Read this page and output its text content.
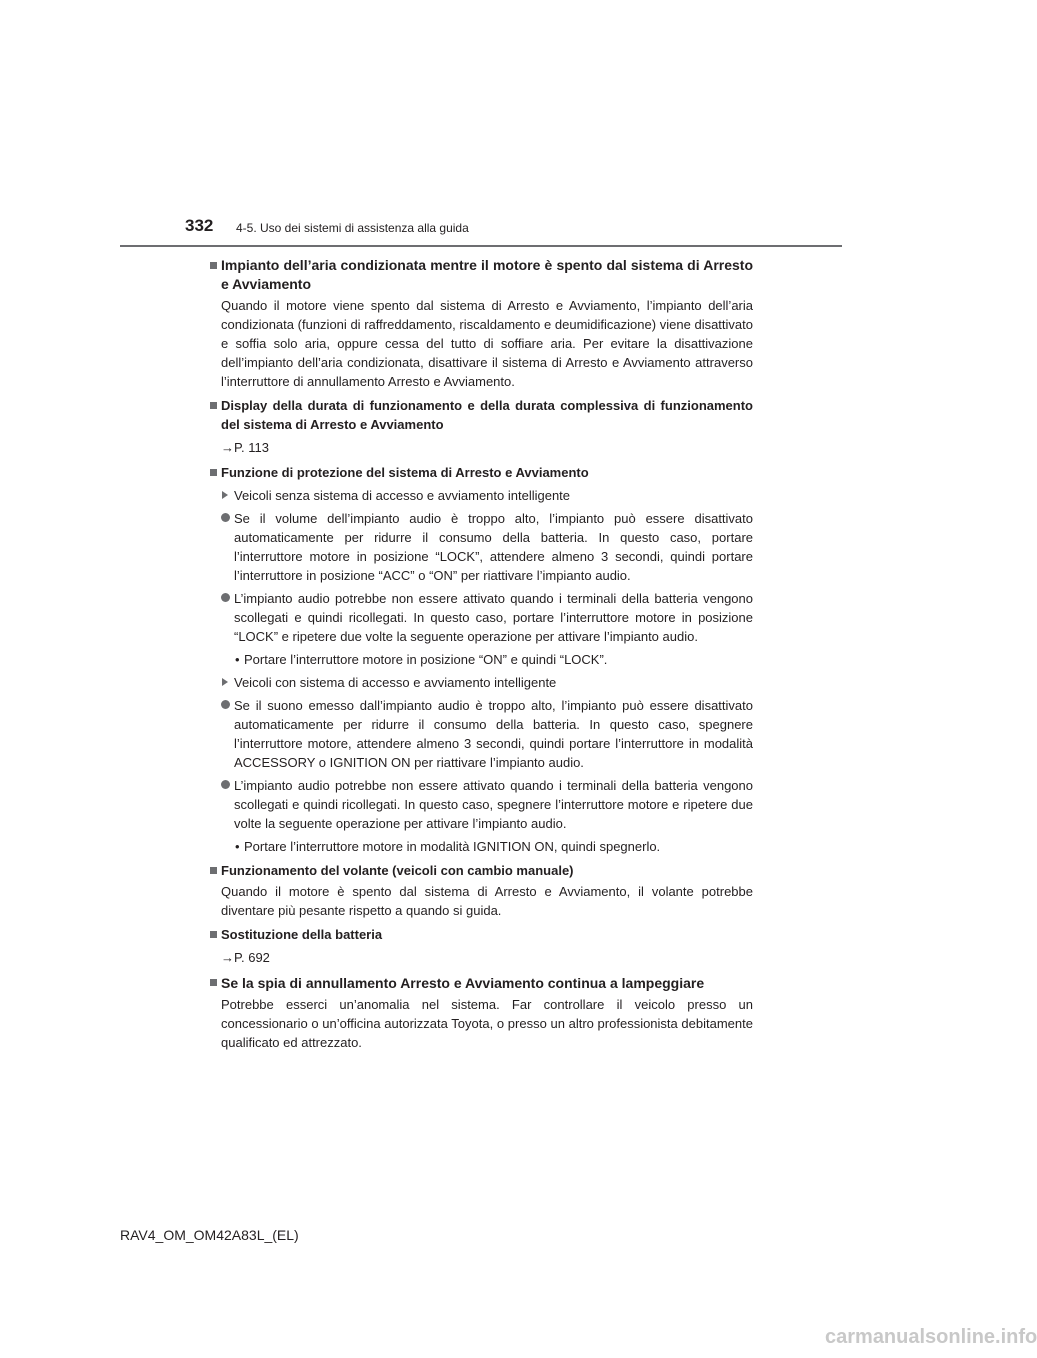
332 4-5. Uso dei sistemi di assistenza alla guida
Impianto dell’aria condizionata mentre il motore è spento dal sistema di Arresto e Avviamento

Quando il motore viene spento dal sistema di Arresto e Avviamento, l’impianto dell’aria condizionata (funzioni di raffreddamento, riscaldamento e deumidificazione) viene disattivato e soffia solo aria, oppure cessa del tutto di soffiare aria. Per evitare la disattivazione dell’impianto dell’aria condizionata, disattivare il sistema di Arresto e Avviamento attraverso l’interruttore di annullamento Arresto e Avviamento.

Display della durata di funzionamento e della durata complessiva di funzionamento del sistema di Arresto e Avviamento
→P. 113
Funzione di protezione del sistema di Arresto e Avviamento
Veicoli senza sistema di accesso e avviamento intelligente
Se il volume dell’impianto audio è troppo alto, l’impianto può essere disattivato automaticamente per ridurre il consumo della batteria. In questo caso, portare l’interruttore motore in posizione “LOCK”, attendere almeno 3 secondi, quindi portare l’interruttore in posizione “ACC” o “ON” per riattivare l’impianto audio.
L’impianto audio potrebbe non essere attivato quando i terminali della batteria vengono scollegati e quindi ricollegati. In questo caso, portare l’interruttore motore in posizione “LOCK” e ripetere due volte la seguente operazione per attivare l’impianto audio.
• Portare l’interruttore motore in posizione “ON” e quindi “LOCK”.
Veicoli con sistema di accesso e avviamento intelligente
Se il suono emesso dall’impianto audio è troppo alto, l’impianto può essere disattivato automaticamente per ridurre il consumo della batteria. In questo caso, spegnere l’interruttore motore, attendere almeno 3 secondi, quindi portare l’interruttore in modalità ACCESSORY o IGNITION ON per riattivare l’impianto audio.
L’impianto audio potrebbe non essere attivato quando i terminali della batteria vengono scollegati e quindi ricollegati. In questo caso, spegnere l’interruttore motore e ripetere due volte la seguente operazione per attivare l’impianto audio.
• Portare l’interruttore motore in modalità IGNITION ON, quindi spegnerlo.
Funzionamento del volante (veicoli con cambio manuale)

Quando il motore è spento dal sistema di Arresto e Avviamento, il volante potrebbe diventare più pesante rispetto a quando si guida.

Sostituzione della batteria
→P. 692
Se la spia di annullamento Arresto e Avviamento continua a lampeggiare

Potrebbe esserci un’anomalia nel sistema. Far controllare il veicolo presso un concessionario o un’officina autorizzata Toyota, o presso un altro professionista debitamente qualificato ed attrezzato.

RAV4_OM_OM42A83L_(EL)
carmanualsonline.info
